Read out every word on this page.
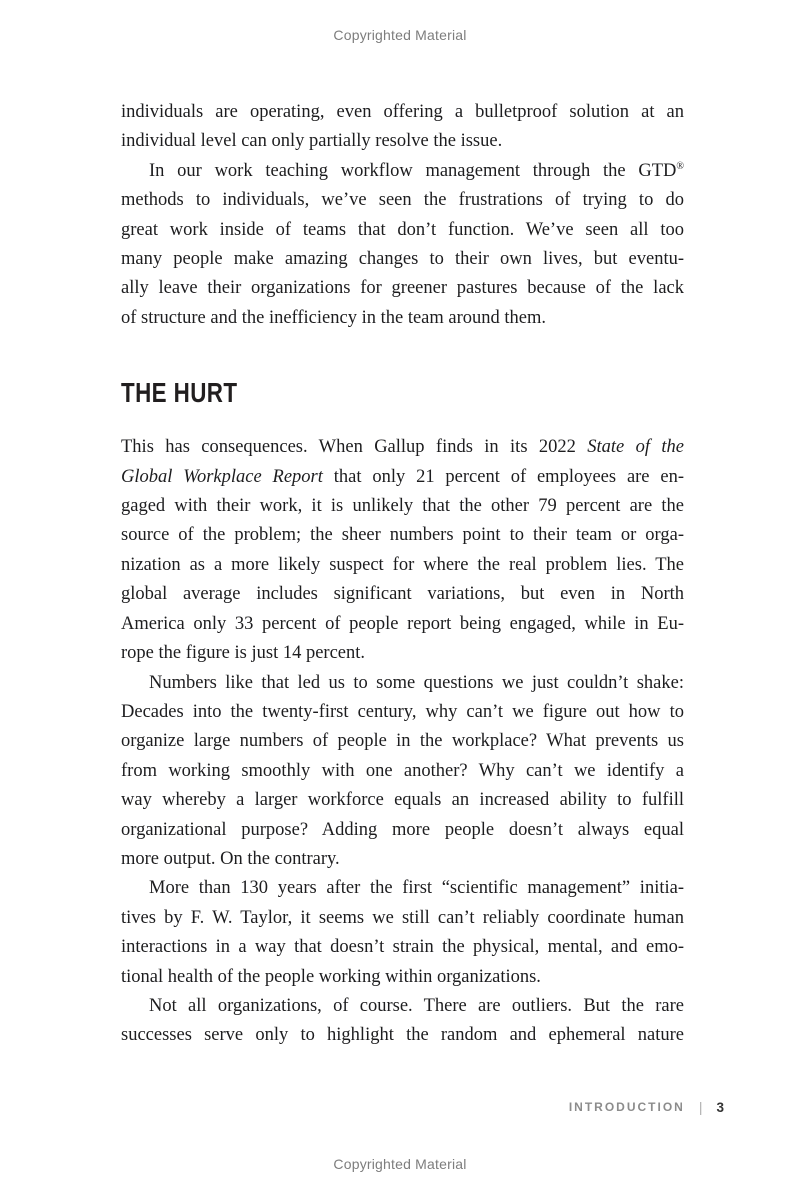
Copyrighted Material
individuals are operating, even offering a bulletproof solution at an
individual level can only partially resolve the issue.
In our work teaching workflow management through the GTD®
methods to individuals, we’ve seen the frustrations of trying to do
great work inside of teams that don’t function. We’ve seen all too
many people make amazing changes to their own lives, but eventu-
ally leave their organizations for greener pastures because of the lack
of structure and the inefficiency in the team around them.
THE HURT
This has consequences. When Gallup finds in its 2022 State of the
Global Workplace Report that only 21 percent of employees are en-
gaged with their work, it is unlikely that the other 79 percent are the
source of the problem; the sheer numbers point to their team or orga-
nization as a more likely suspect for where the real problem lies. The
global average includes significant variations, but even in North
America only 33 percent of people report being engaged, while in Eu-
rope the figure is just 14 percent.
Numbers like that led us to some questions we just couldn’t shake:
Decades into the twenty-first century, why can’t we figure out how to
organize large numbers of people in the workplace? What prevents us
from working smoothly with one another? Why can’t we identify a
way whereby a larger workforce equals an increased ability to fulfill
organizational purpose? Adding more people doesn’t always equal
more output. On the contrary.
More than 130 years after the first “scientific management” initia-
tives by F. W. Taylor, it seems we still can’t reliably coordinate human
interactions in a way that doesn’t strain the physical, mental, and emo-
tional health of the people working within organizations.
Not all organizations, of course. There are outliers. But the rare
successes serve only to highlight the random and ephemeral nature
INTRODUCTION | 3
Copyrighted Material
